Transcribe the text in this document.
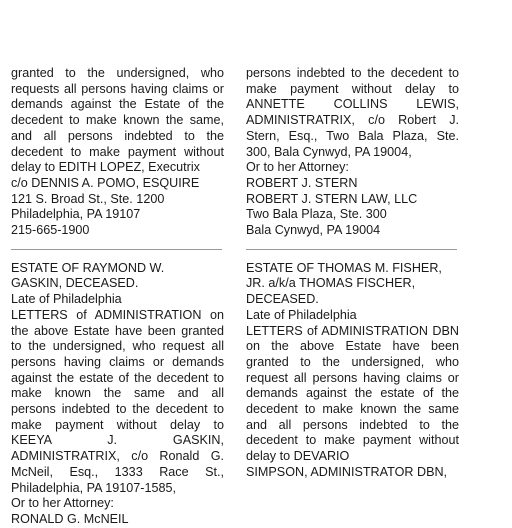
granted to the undersigned, who requests all persons having claims or demands against the Estate of the decedent to make known the same, and all persons indebted to the decedent to make payment without delay to EDITH LOPEZ, Executrix

c/o DENNIS A. POMO, ESQUIRE
121 S. Broad St., Ste. 1200
Philadelphia, PA 19107
215-665-1900
ESTATE OF RAYMOND W.
GASKIN, DECEASED.
Late of Philadelphia

LETTERS of ADMINISTRATION on the above Estate have been granted to the undersigned, who request all persons having claims or demands against the estate of the decedent to make known the same and all persons indebted to the decedent to make payment without delay to KEEYA J. GASKIN, ADMINISTRATRIX, c/o Ronald G. McNeil, Esq., 1333 Race St., Philadelphia, PA 19107-1585,

Or to her Attorney:
RONALD G. McNEIL

persons indebted to the decedent to make payment without delay to ANNETTE COLLINS LEWIS, ADMINISTRATRIX, c/o Robert J. Stern, Esq., Two Bala Plaza, Ste. 300, Bala Cynwyd, PA 19004,

Or to her Attorney:
ROBERT J. STERN
ROBERT J. STERN LAW, LLC
Two Bala Plaza, Ste. 300
Bala Cynwyd, PA 19004
ESTATE OF THOMAS M. FISHER,
JR. a/k/a THOMAS FISCHER,
DECEASED.
Late of Philadelphia

LETTERS of ADMINISTRATION DBN on the above Estate have been granted to the undersigned, who request all persons having claims or demands against the estate of the decedent to make known the same and all persons indebted to the decedent to make payment without delay to DEVARIO

SIMPSON, ADMINISTRATOR DBN,
